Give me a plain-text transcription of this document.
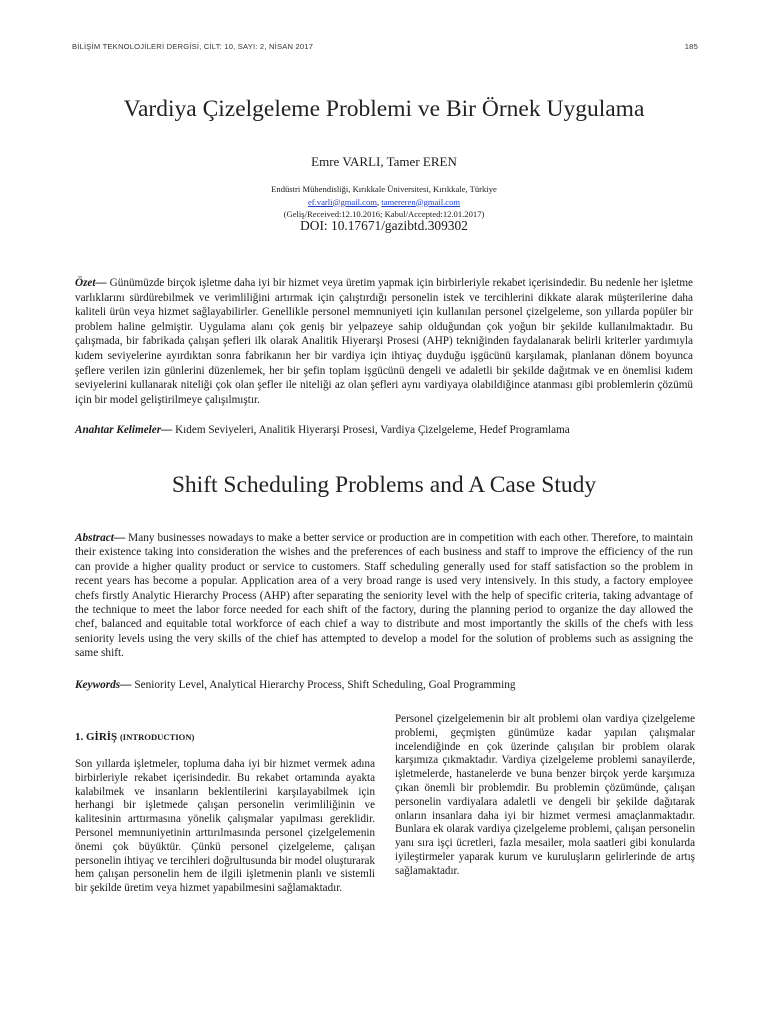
BİLİŞİM TEKNOLOJİLERİ DERGİSİ, CİLT: 10, SAYI: 2, NİSAN 2017	185
Vardiya Çizelgeleme Problemi ve Bir Örnek Uygulama
Emre VARLI, Tamer EREN
Endüstri Mühendisliği, Kırıkkale Üniversitesi, Kırıkkale, Türkiye
ef.varli@gmail.com, tamereren@gmail.com
(Geliş/Received:12.10.2016; Kabul/Accepted:12.01.2017)
DOI: 10.17671/gazibtd.309302
Özet— Günümüzde birçok işletme daha iyi bir hizmet veya üretim yapmak için birbirleriyle rekabet içerisindedir. Bu nedenle her işletme varlıklarını sürdürebilmek ve verimliliğini artırmak için çalıştırdığı personelin istek ve tercihlerini dikkate alarak müşterilerine daha kaliteli ürün veya hizmet sağlayabilirler. Genellikle personel memnuniyeti için kullanılan personel çizelgeleme, son yıllarda popüler bir problem haline gelmiştir. Uygulama alanı çok geniş bir yelpazeye sahip olduğundan çok yoğun bir şekilde kullanılmaktadır. Bu çalışmada, bir fabrikada çalışan şefleri ilk olarak Analitik Hiyerarşi Prosesi (AHP) tekniğinden faydalanarak belirli kriterler yardımıyla kıdem seviyelerine ayırdıktan sonra fabrikanın her bir vardiya için ihtiyaç duyduğu işgücünü karşılamak, planlanan dönem boyunca şeflere verilen izin günlerini düzenlemek, her bir şefin toplam işgücünü dengeli ve adaletli bir şekilde dağıtmak ve en önemlisi kıdem seviyelerini kullanarak niteliği çok olan şefler ile niteliği az olan şefleri aynı vardiyaya olabildiğince atanması gibi problemlerin çözümü için bir model geliştirilmeye çalışılmıştır.
Anahtar Kelimeler— Kıdem Seviyeleri, Analitik Hiyerarşi Prosesi, Vardiya Çizelgeleme, Hedef Programlama
Shift Scheduling Problems and A Case Study
Abstract— Many businesses nowadays to make a better service or production are in competition with each other. Therefore, to maintain their existence taking into consideration the wishes and the preferences of each business and staff to improve the efficiency of the run can provide a higher quality product or service to customers. Staff scheduling generally used for staff satisfaction so the problem in recent years has become a popular. Application area of a very broad range is used very intensively. In this study, a factory employee chefs firstly Analytic Hierarchy Process (AHP) after separating the seniority level with the help of specific criteria, taking advantage of the technique to meet the labor force needed for each shift of the factory, during the planning period to organize the day allowed the chef, balanced and equitable total workforce of each chief a way to distribute and most importantly the skills of the chefs with less seniority levels using the very skills of the chief has attempted to develop a model for the solution of problems such as assigning the same shift.
Keywords— Seniority Level, Analytical Hierarchy Process, Shift Scheduling, Goal Programming
1. GİRİŞ (INTRODUCTION)
Son yıllarda işletmeler, topluma daha iyi bir hizmet vermek adına birbirleriyle rekabet içerisindedir. Bu rekabet ortamında ayakta kalabilmek ve insanların beklentilerini karşılayabilmek için herhangi bir işletmede çalışan personelin verimliliğinin ve kalitesinin arttırmasına yönelik çalışmalar yapılması gereklidir. Personel memnuniyetinin arttırılmasında personel çizelgelemenin önemi çok büyüktür. Çünkü personel çizelgeleme, çalışan personelin ihtiyaç ve tercihleri doğrultusunda bir model oluşturarak hem çalışan personelin hem de ilgili işletmenin planlı ve sistemli bir şekilde üretim veya hizmet yapabilmesini sağlamaktadır.
Personel çizelgelemenin bir alt problemi olan vardiya çizelgeleme problemi, geçmişten günümüze kadar yapılan çalışmalar incelendiğinde en çok üzerinde çalışılan bir problem olarak karşımıza çıkmaktadır. Vardiya çizelgeleme problemi sanayilerde, işletmelerde, hastanelerde ve buna benzer birçok yerde karşımıza çıkan önemli bir problemdir. Bu problemin çözümünde, çalışan personelin vardiyalara adaletli ve dengeli bir şekilde dağıtarak onların insanlara daha iyi bir hizmet vermesi amaçlanmaktadır. Bunlara ek olarak vardiya çizelgeleme problemi, çalışan personelin yanı sıra işçi ücretleri, fazla mesailer, mola saatleri gibi konularda iyileştirmeler yaparak kurum ve kuruluşların gelirlerinde de artış sağlamaktadır.
